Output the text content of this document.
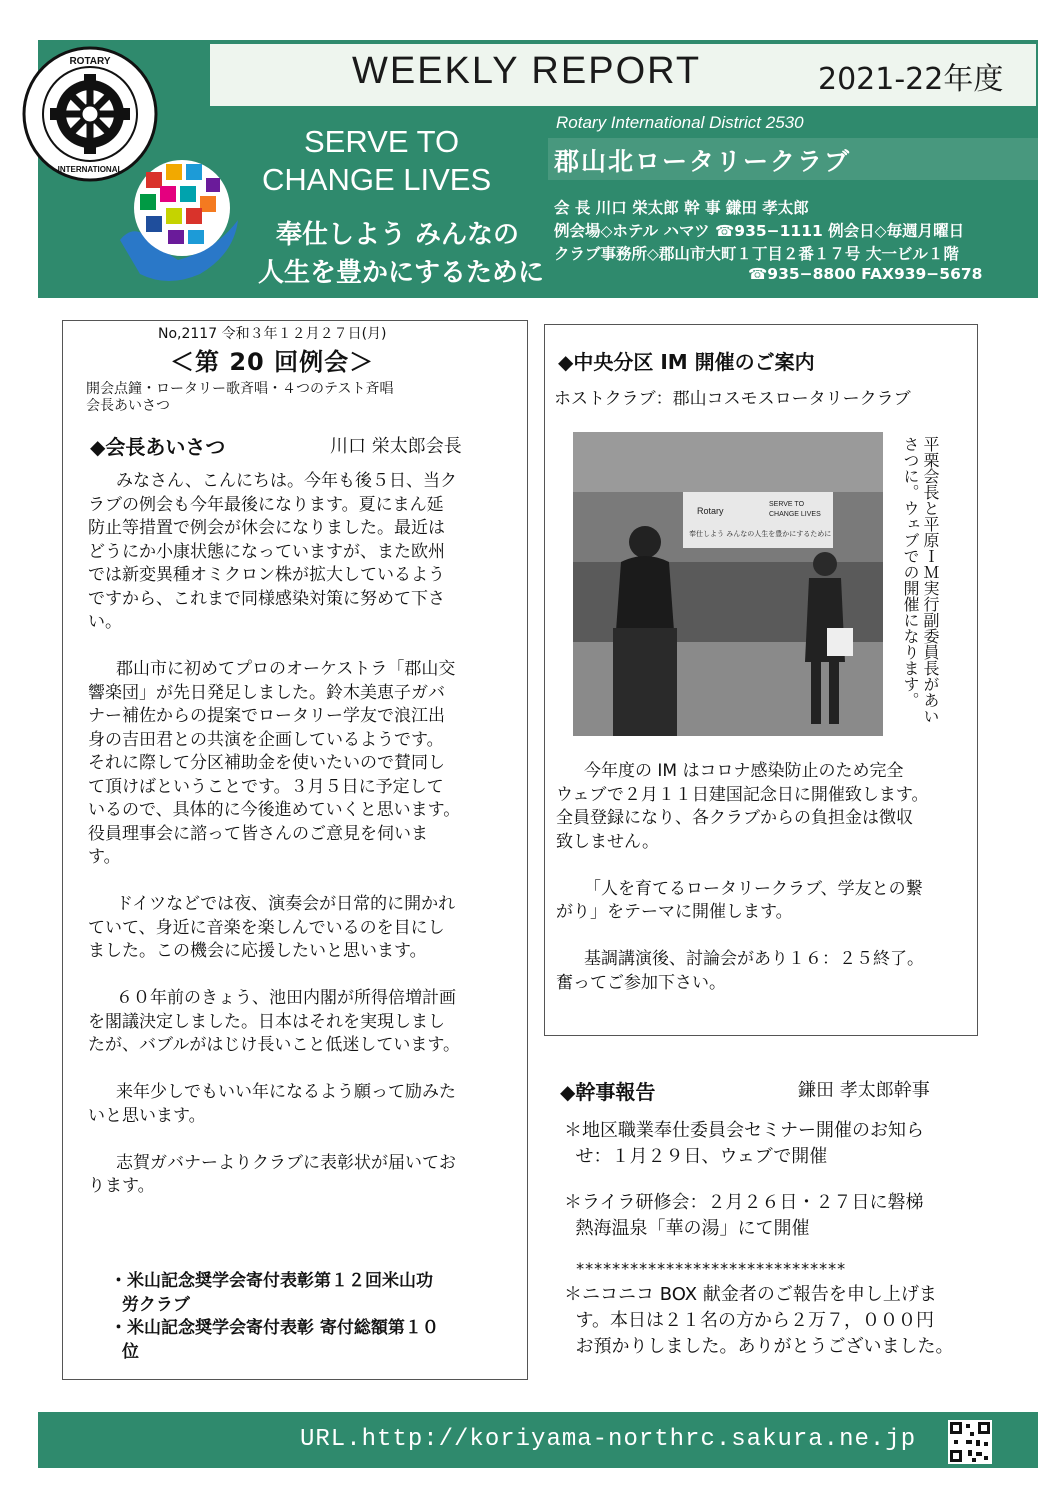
WEEKLY REPORT	2021-22年度
ROTARY
INTERNATIONAL
SERVE TO
CHANGE LIVES
奉仕しよう みんなの
人生を豊かにするために
Rotary International District 2530
郡山北ロータリークラブ
会 長 川口 栄太郎 幹 事 鎌田 孝太郎
例会場◇ホテル ハマツ ☎935−1111 例会日◇毎週月曜日
クラブ事務所◇郡山市大町１丁目２番１７号 大一ビル１階
☎935−8800 FAX939−5678
No,2117 令和３年１２月２７日(月)
＜第 20 回例会＞
開会点鐘・ロータリー歌斉唱・４つのテスト斉唱
会長あいさつ
◆会長あいさつ	川口 栄太郎会長
みなさん、こんにちは。今年も後５日、当ク
ラブの例会も今年最後になります。夏にまん延
防止等措置で例会が休会になりました。最近は
どうにか小康状態になっていますが、また欧州
では新変異種オミクロン株が拡大しているよう
ですから、これまで同様感染対策に努めて下さ
い。
郡山市に初めてプロのオーケストラ「郡山交
響楽団」が先日発足しました。鈴木美恵子ガバ
ナー補佐からの提案でロータリー学友で浪江出
身の吉田君との共演を企画しているようです。
それに際して分区補助金を使いたいので賛同し
て頂けばということです。３月５日に予定して
いるので、具体的に今後進めていくと思います。
役員理事会に諮って皆さんのご意見を伺いま
す。
ドイツなどでは夜、演奏会が日常的に開かれ
ていて、身近に音楽を楽しんでいるのを目にし
ました。この機会に応援したいと思います。
６０年前のきょう、池田内閣が所得倍増計画
を閣議決定しました。日本はそれを実現しまし
たが、バブルがはじけ長いこと低迷しています。
来年少しでもいい年になるよう願って励みた
いと思います。
志賀ガバナーよりクラブに表彰状が届いてお
ります。
・米山記念奨学会寄付表彰第１２回米山功
労クラブ
・米山記念奨学会寄付表彰 寄付総額第１０
位
◆中央分区 IM 開催のご案内
ホストクラブ：郡山コスモスロータリークラブ
Rotary
SERVE TO
CHANGE LIVES
奉仕しよう みんなの人生を豊かにするために	平栗会長と平原ＩＭ実行副委員長があいさつに。ウェブでの開催になります。
今年度の IM はコロナ感染防止のため完全
ウェブで２月１１日建国記念日に開催致します。
全員登録になり、各クラブからの負担金は徴収
致しません。
「人を育てるロータリークラブ、学友との繋
がり」をテーマに開催します。
基調講演後、討論会があり１６：２５終了。
奮ってご参加下さい。
◆幹事報告	鎌田 孝太郎幹事
＊地区職業奉仕委員会セミナー開催のお知ら
せ：１月２９日、ウェブで開催
＊ライラ研修会：２月２６日・２７日に磐梯
熱海温泉「華の湯」にて開催
******************************
＊ニコニコ BOX 献金者のご報告を申し上げま
す。本日は２１名の方から２万７，０００円
お預かりしました。ありがとうございました。
URL.http://koriyama-northrc.sakura.ne.jp
